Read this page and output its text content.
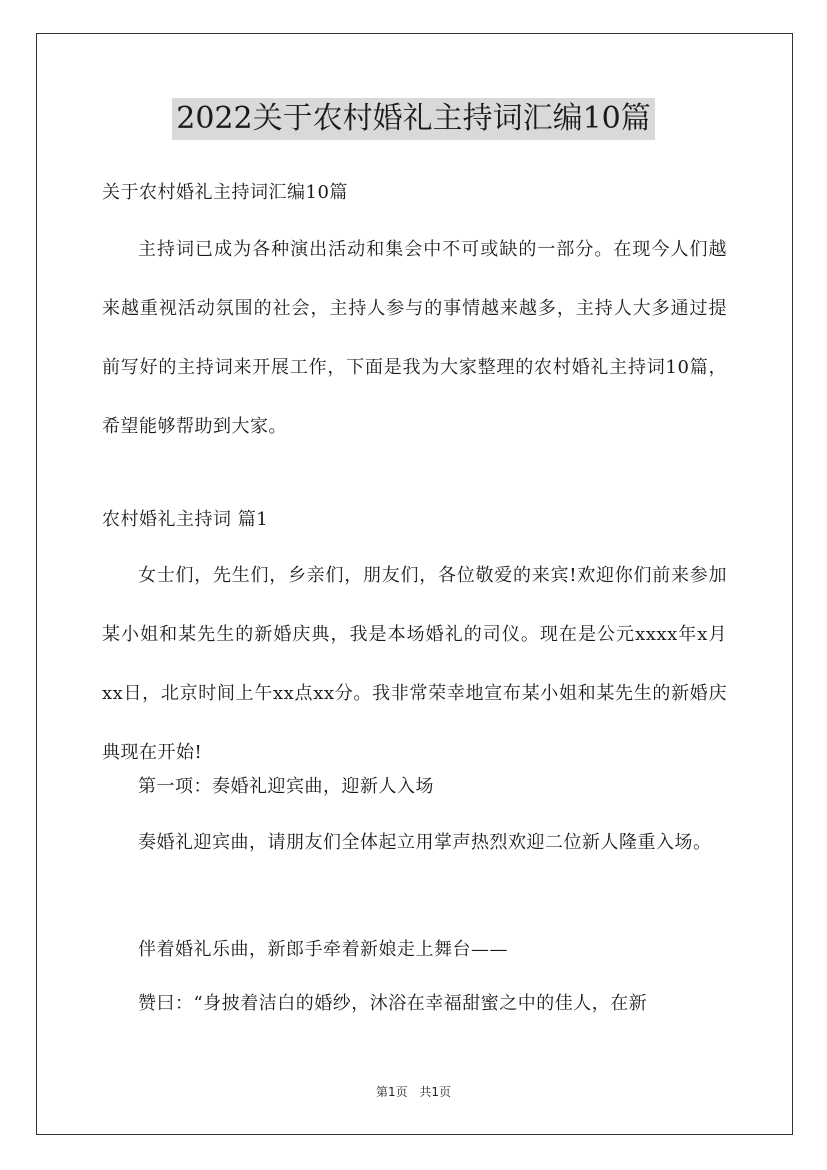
2022关于农村婚礼主持词汇编10篇
关于农村婚礼主持词汇编10篇
主持词已成为各种演出活动和集会中不可或缺的一部分。在现今人们越来越重视活动氛围的社会，主持人参与的事情越来越多，主持人大多通过提前写好的主持词来开展工作，下面是我为大家整理的农村婚礼主持词10篇，希望能够帮助到大家。
农村婚礼主持词 篇1
女士们，先生们，乡亲们，朋友们，各位敬爱的来宾!欢迎你们前来参加某小姐和某先生的新婚庆典，我是本场婚礼的司仪。现在是公元xxxx年x月xx日，北京时间上午xx点xx分。我非常荣幸地宣布某小姐和某先生的新婚庆典现在开始!
第一项：奏婚礼迎宾曲，迎新人入场
奏婚礼迎宾曲，请朋友们全体起立用掌声热烈欢迎二位新人隆重入场。
伴着婚礼乐曲，新郎手牵着新娘走上舞台——
赞曰：“身披着洁白的婚纱，沐浴在幸福甜蜜之中的佳人，在新
第1页 共1页
